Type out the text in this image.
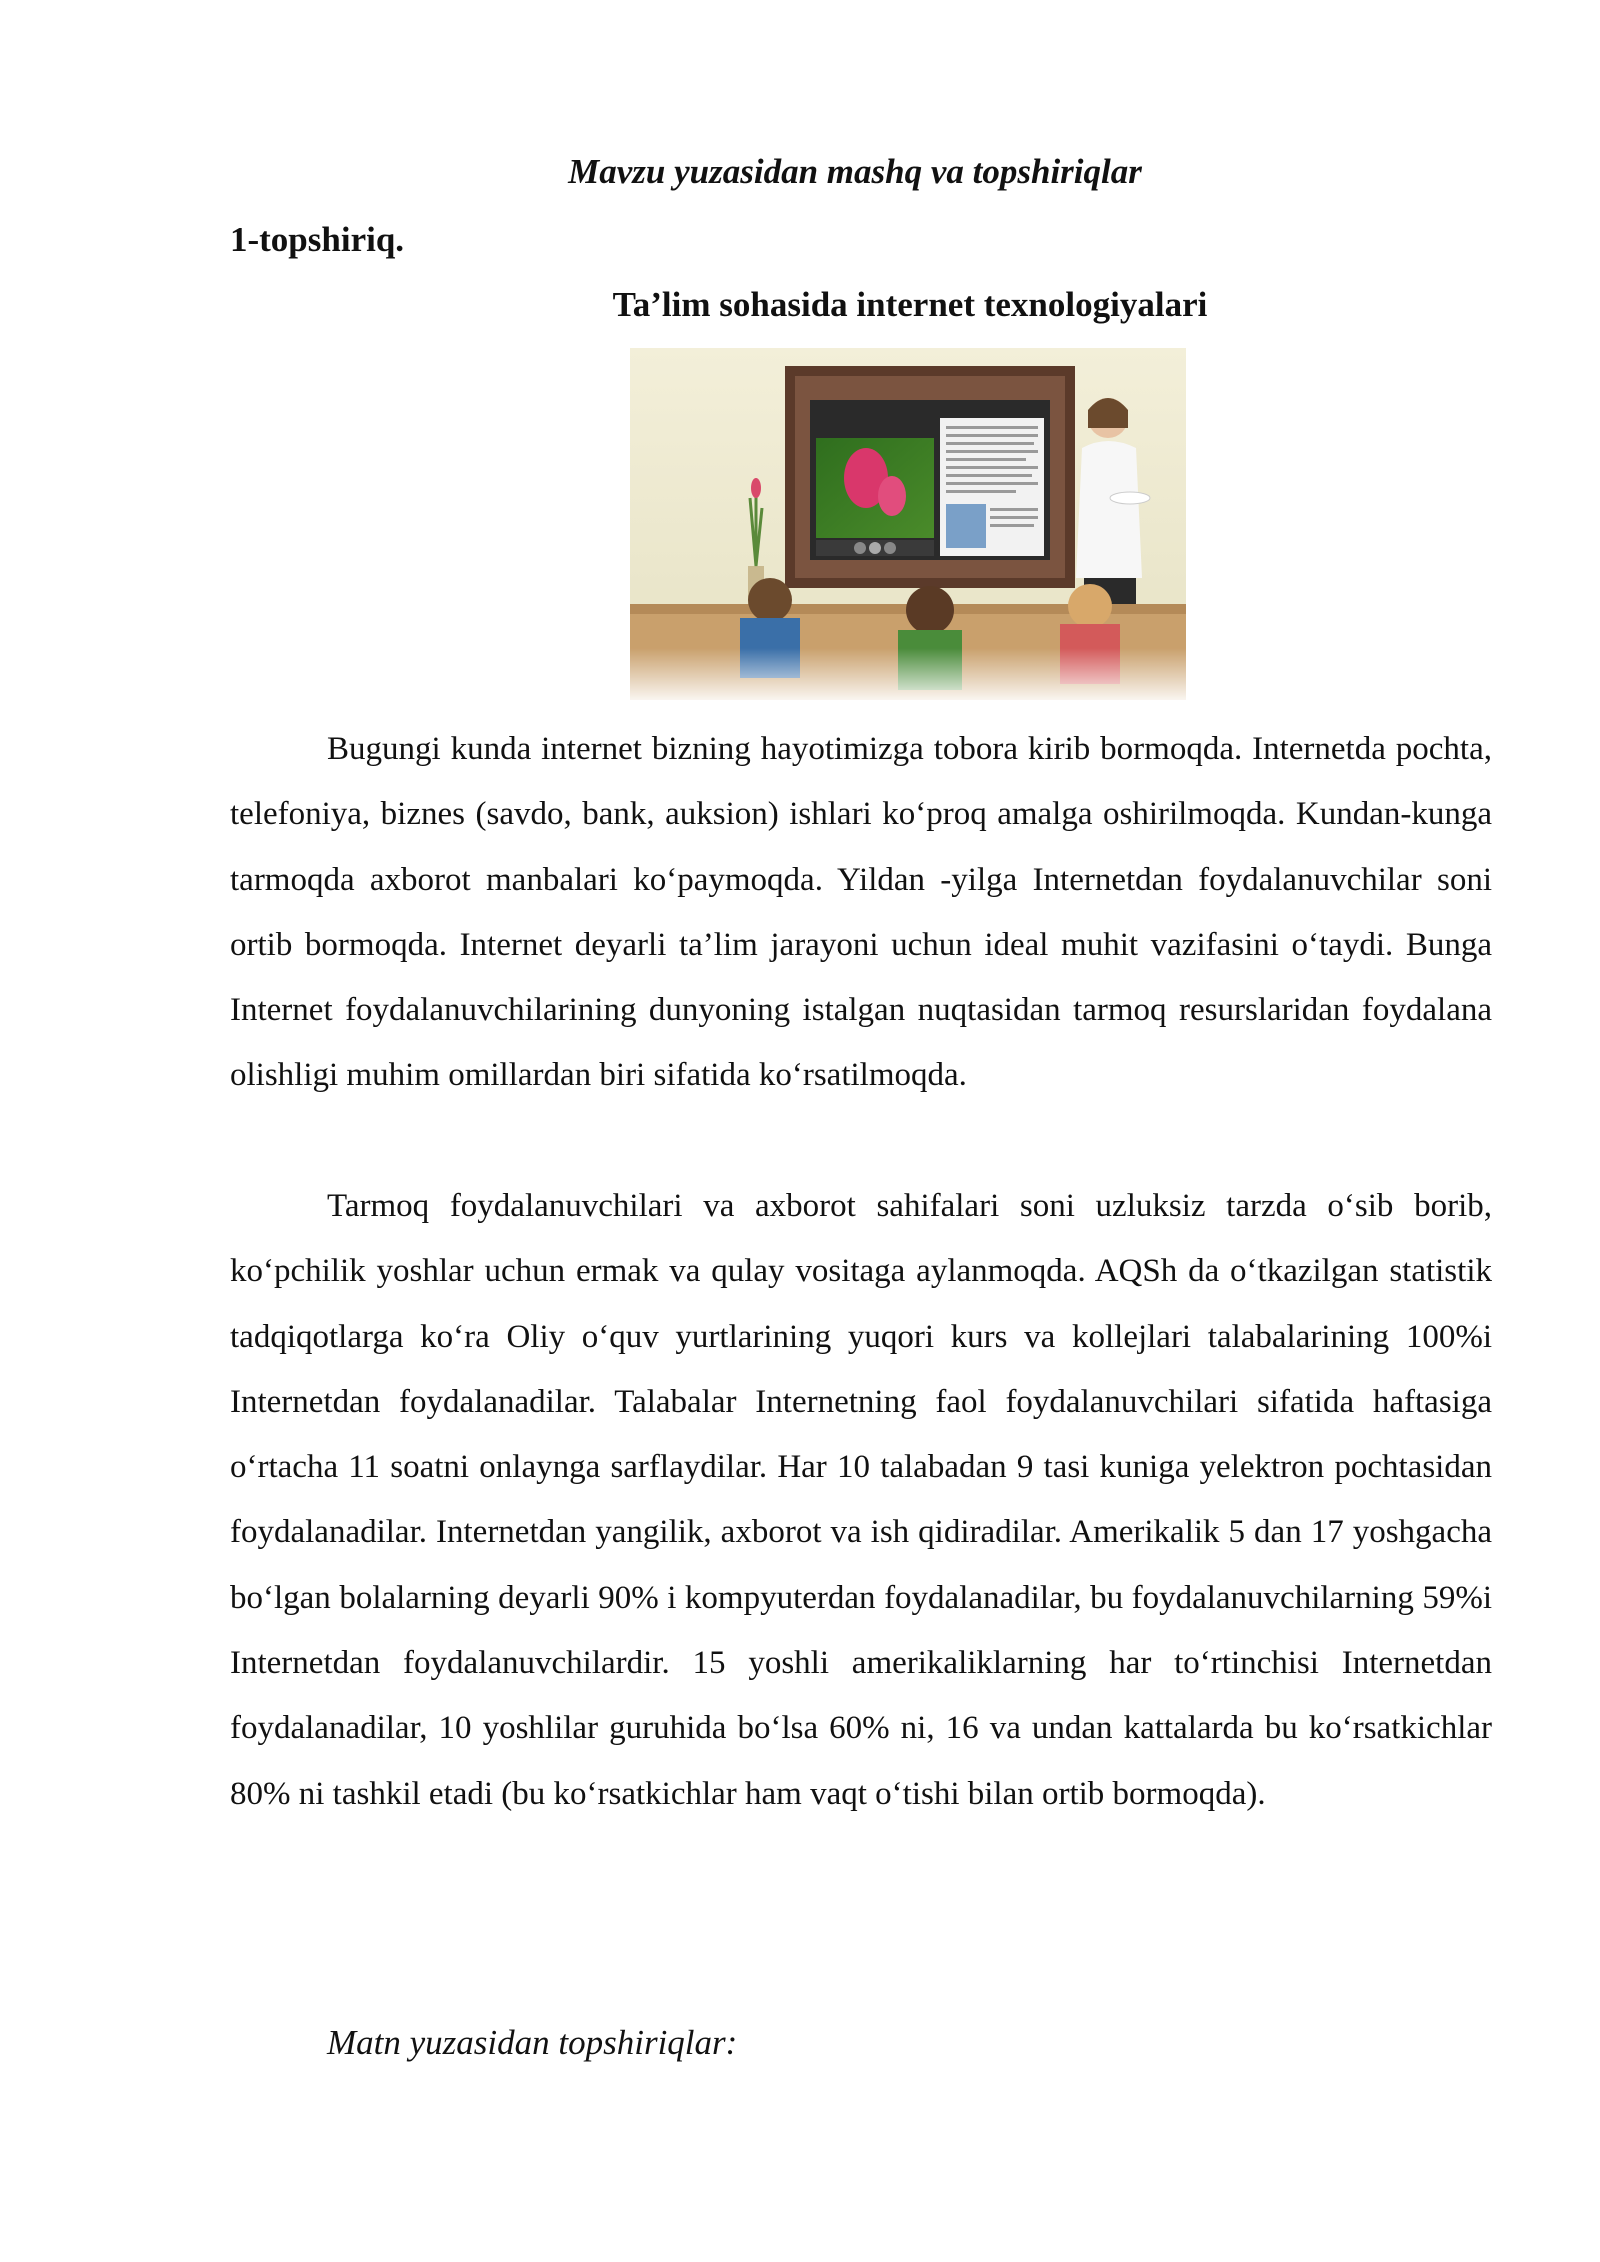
Mavzu yuzasidan mashq va topshiriqlar
1-topshiriq.
Ta’lim sohasida internet texnologiyalari

Bugungi kunda internet bizning hayotimizga tobora kirib bormoqda. Internetda pochta, telefoniya, biznes (savdo, bank, auksion) ishlari ko‘proq amalga oshirilmoqda. Kundan-kunga tarmoqda axborot manbalari ko‘paymoqda. Yildan -yilga Internetdan foydalanuvchilar soni ortib bormoqda. Internet deyarli ta’lim jarayoni uchun ideal muhit vazifasini o‘taydi. Bunga Internet foydalanuvchilarining dunyoning istalgan nuqtasidan tarmoq resurslaridan foydalana olishligi muhim omillardan biri sifatida ko‘rsatilmoqda.

Tarmoq foydalanuvchilari va axborot sahifalari soni uzluksiz tarzda o‘sib borib, ko‘pchilik yoshlar uchun ermak va qulay vositaga aylanmoqda. AQSh da o‘tkazilgan statistik tadqiqotlarga ko‘ra Oliy o‘quv yurtlarining yuqori kurs va kollejlari talabalarining 100%i Internetdan foydalanadilar. Talabalar Internetning faol foydalanuvchilari sifatida haftasiga o‘rtacha 11 soatni onlaynga sarflaydilar. Har 10 talabadan 9 tasi kuniga yelektron pochtasidan foydalanadilar. Internetdan yangilik, axborot va ish qidiradilar. Amerikalik 5 dan 17 yoshgacha bo‘lgan bolalarning deyarli 90% i kompyuterdan foydalanadilar, bu foydalanuvchilarning 59%i Internetdan foydalanuvchilardir. 15 yoshli amerikaliklarning har to‘rtinchisi Internetdan foydalanadilar, 10 yoshlilar guruhida bo‘lsa 60% ni, 16 va undan kattalarda bu ko‘rsatkichlar 80% ni tashkil etadi (bu ko‘rsatkichlar ham vaqt o‘tishi bilan ortib bormoqda).

Matn yuzasidan topshiriqlar:
